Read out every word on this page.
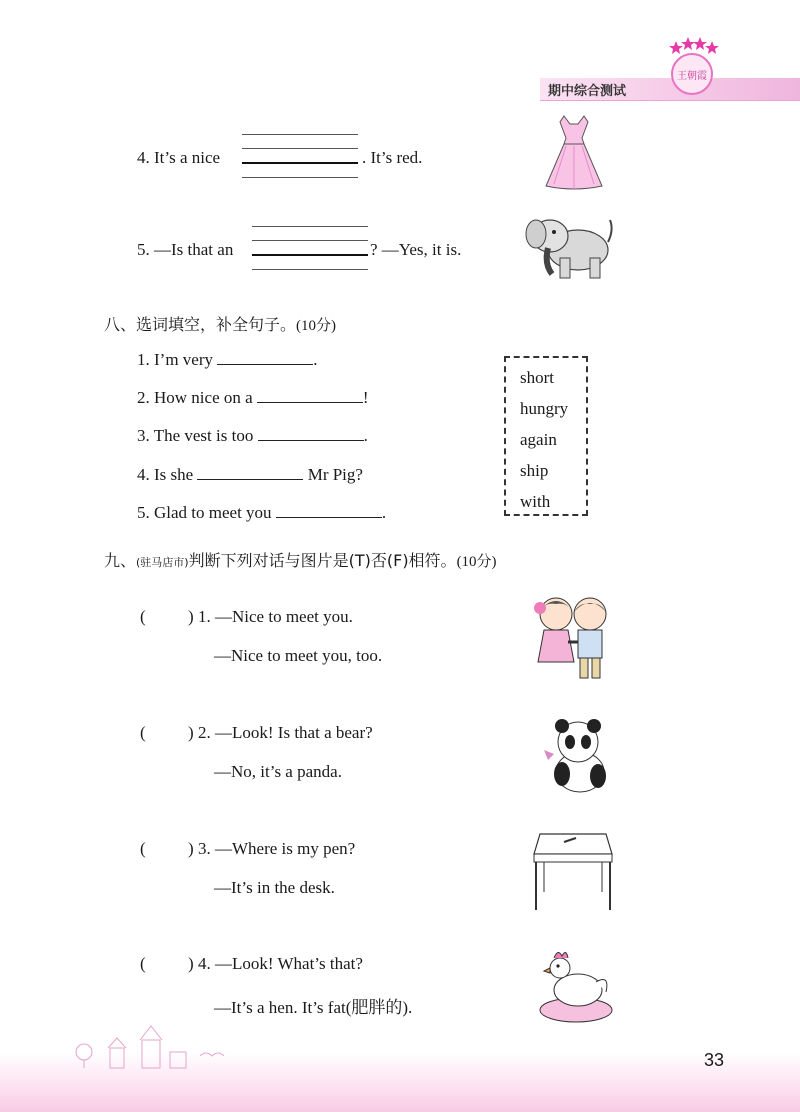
期中综合测试
王朝霞
4. It’s a nice	. It’s red.
5. —Is that an	? —Yes, it is.
八、选词填空，补全句子。(10分)
1. I’m very	.
2. How nice on a	!
3. The vest is too	.
4. Is she	Mr Pig?
5. Glad to meet you	.
short
hungry
again
ship
with
九、(驻马店市)判断下列对话与图片是(T)否(F)相符。(10分)
( ) 1. —Nice to meet you.
—Nice to meet you, too.
( ) 2. —Look! Is that a bear?
—No, it’s a panda.
( ) 3. —Where is my pen?
—It’s in the desk.
( ) 4. —Look! What’s that?
—It’s a hen. It’s fat(肥胖的).
33
